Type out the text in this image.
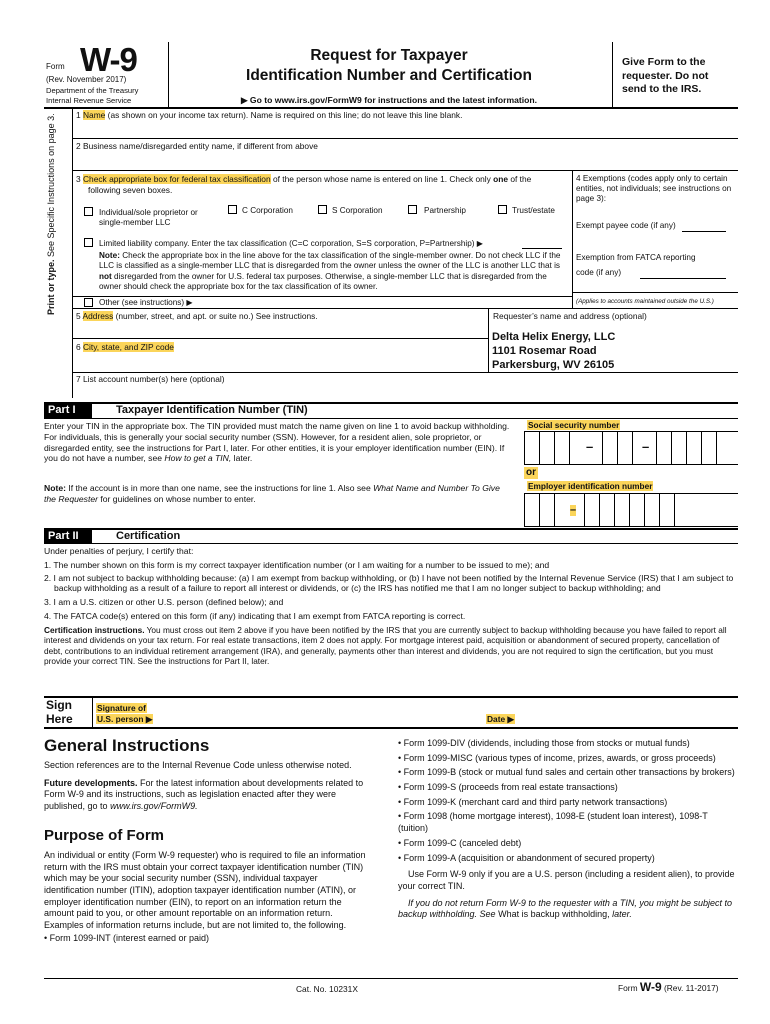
Form W-9
(Rev. November 2017)
Department of the Treasury
Internal Revenue Service
Request for Taxpayer
Identification Number and Certification
▶ Go to www.irs.gov/FormW9 for instructions and the latest information.
Give Form to the requester. Do not send to the IRS.
Print or type. See Specific Instructions on page 3. 1 Name (as shown on your income tax return). Name is required on this line; do not leave this line blank.
2 Business name/disregarded entity name, if different from above
3 Check appropriate box for federal tax classification of the person whose name is entered on line 1. Check only one of the
following seven boxes.
Individual/sole proprietor or single-member LLC
C Corporation	S Corporation	Partnership	Trust/estate
Limited liability company. Enter the tax classification (C=C corporation, S=S corporation, P=Partnership) ▶
Note: Check the appropriate box in the line above for the tax classification of the single-member owner. Do not check LLC if the LLC is classified as a single-member LLC that is disregarded from the owner unless the owner of the LLC is another LLC that is not disregarded from the owner for U.S. federal tax purposes. Otherwise, a single-member LLC that is disregarded from the owner should check the appropriate box for the tax classification of its owner.
Other (see instructions) ▶
4 Exemptions (codes apply only to certain entities, not individuals; see instructions on page 3):
Exempt payee code (if any)
Exemption from FATCA reporting
code (if any)
(Applies to accounts maintained outside the U.S.)
5 Address (number, street, and apt. or suite no.) See instructions.
6 City, state, and ZIP code
Requester’s name and address (optional)
Delta Helix Energy, LLC
1101 Rosemar Road
Parkersburg, WV 26105
7 List account number(s) here (optional)
Part I	Taxpayer Identification Number (TIN)
Enter your TIN in the appropriate box. The TIN provided must match the name given on line 1 to avoid backup withholding. For individuals, this is generally your social security number (SSN). However, for a resident alien, sole proprietor, or disregarded entity, see the instructions for Part I, later. For other entities, it is your employer identification number (EIN). If you do not have a number, see How to get a TIN, later.
Note: If the account is in more than one name, see the instructions for line 1. Also see What Name and Number To Give the Requester for guidelines on whose number to enter.
Social security number
–	–
or
Employer identification number
–
Part II	Certification
Under penalties of perjury, I certify that:
1. The number shown on this form is my correct taxpayer identification number (or I am waiting for a number to be issued to me); and
2. I am not subject to backup withholding because: (a) I am exempt from backup withholding, or (b) I have not been notified by the Internal Revenue Service (IRS) that I am subject to backup withholding as a result of a failure to report all interest or dividends, or (c) the IRS has notified me that I am no longer subject to backup withholding; and
3. I am a U.S. citizen or other U.S. person (defined below); and
4. The FATCA code(s) entered on this form (if any) indicating that I am exempt from FATCA reporting is correct.
Certification instructions. You must cross out item 2 above if you have been notified by the IRS that you are currently subject to backup withholding because you have failed to report all interest and dividends on your tax return. For real estate transactions, item 2 does not apply. For mortgage interest paid, acquisition or abandonment of secured property, cancellation of debt, contributions to an individual retirement arrangement (IRA), and generally, payments other than interest and dividends, you are not required to sign the certification, but you must provide your correct TIN. See the instructions for Part II, later.
Sign
Here
Signature of
U.S. person ▶	Date ▶
General Instructions

Section references are to the Internal Revenue Code unless otherwise noted.

Future developments. For the latest information about developments related to Form W-9 and its instructions, such as legislation enacted after they were published, go to www.irs.gov/FormW9.

Purpose of Form

An individual or entity (Form W-9 requester) who is required to file an information return with the IRS must obtain your correct taxpayer identification number (TIN) which may be your social security number (SSN), individual taxpayer identification number (ITIN), adoption taxpayer identification number (ATIN), or employer identification number (EIN), to report on an information return the amount paid to you, or other amount reportable on an information return. Examples of information returns include, but are not limited to, the following.

• Form 1099-INT (interest earned or paid)

• Form 1099-DIV (dividends, including those from stocks or mutual funds)
• Form 1099-MISC (various types of income, prizes, awards, or gross proceeds)
• Form 1099-B (stock or mutual fund sales and certain other transactions by brokers)
• Form 1099-S (proceeds from real estate transactions)
• Form 1099-K (merchant card and third party network transactions)
• Form 1098 (home mortgage interest), 1098-E (student loan interest), 1098-T (tuition)
• Form 1099-C (canceled debt)
• Form 1099-A (acquisition or abandonment of secured property)
Use Form W-9 only if you are a U.S. person (including a resident alien), to provide your correct TIN.
If you do not return Form W-9 to the requester with a TIN, you might be subject to backup withholding. See What is backup withholding, later.
Cat. No. 10231X	Form W-9 (Rev. 11-2017)
